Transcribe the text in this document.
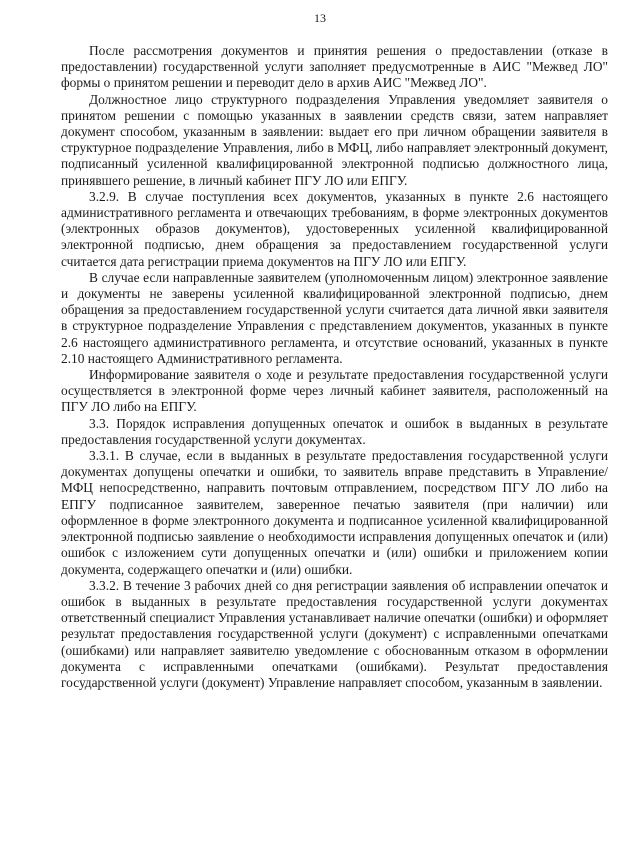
13

После рассмотрения документов и принятия решения о предоставлении (отказе в предоставлении) государственной услуги заполняет предусмотренные в АИС "Межвед ЛО" формы о принятом решении и переводит дело в архив АИС "Межвед ЛО".

Должностное лицо структурного подразделения Управления уведомляет заявителя о принятом решении с помощью указанных в заявлении средств связи, затем направляет документ способом, указанным в заявлении: выдает его при личном обращении заявителя в структурное подразделение Управления, либо в МФЦ, либо направляет электронный документ, подписанный усиленной квалифицированной электронной подписью должностного лица, принявшего решение, в личный кабинет ПГУ ЛО или ЕПГУ.

3.2.9. В случае поступления всех документов, указанных в пункте 2.6 настоящего административного регламента и отвечающих требованиям, в форме электронных документов (электронных образов документов), удостоверенных усиленной квалифицированной электронной подписью, днем обращения за предоставлением государственной услуги считается дата регистрации приема документов на ПГУ ЛО или ЕПГУ.

В случае если направленные заявителем (уполномоченным лицом) электронное заявление и документы не заверены усиленной квалифицированной электронной подписью, днем обращения за предоставлением государственной услуги считается дата личной явки заявителя в структурное подразделение Управления с представлением документов, указанных в пункте 2.6 настоящего административного регламента, и отсутствие оснований, указанных в пункте 2.10 настоящего Административного регламента.

Информирование заявителя о ходе и результате предоставления государственной услуги осуществляется в электронной форме через личный кабинет заявителя, расположенный на ПГУ ЛО либо на ЕПГУ.

3.3. Порядок исправления допущенных опечаток и ошибок в выданных в результате предоставления государственной услуги документах.

3.3.1. В случае, если в выданных в результате предоставления государственной услуги документах допущены опечатки и ошибки, то заявитель вправе представить в Управление/МФЦ непосредственно, направить почтовым отправлением, посредством ПГУ ЛО либо на ЕПГУ подписанное заявителем, заверенное печатью заявителя (при наличии) или оформленное в форме электронного документа и подписанное усиленной квалифицированной электронной подписью заявление о необходимости исправления допущенных опечаток и (или) ошибок с изложением сути допущенных опечатки и (или) ошибки и приложением копии документа, содержащего опечатки и (или) ошибки.

3.3.2. В течение 3 рабочих дней со дня регистрации заявления об исправлении опечаток и ошибок в выданных в результате предоставления государственной услуги документах ответственный специалист Управления устанавливает наличие опечатки (ошибки) и оформляет результат предоставления государственной услуги (документ) с исправленными опечатками (ошибками) или направляет заявителю уведомление с обоснованным отказом в оформлении документа с исправленными опечатками (ошибками). Результат предоставления государственной услуги (документ) Управление направляет способом, указанным в заявлении.
